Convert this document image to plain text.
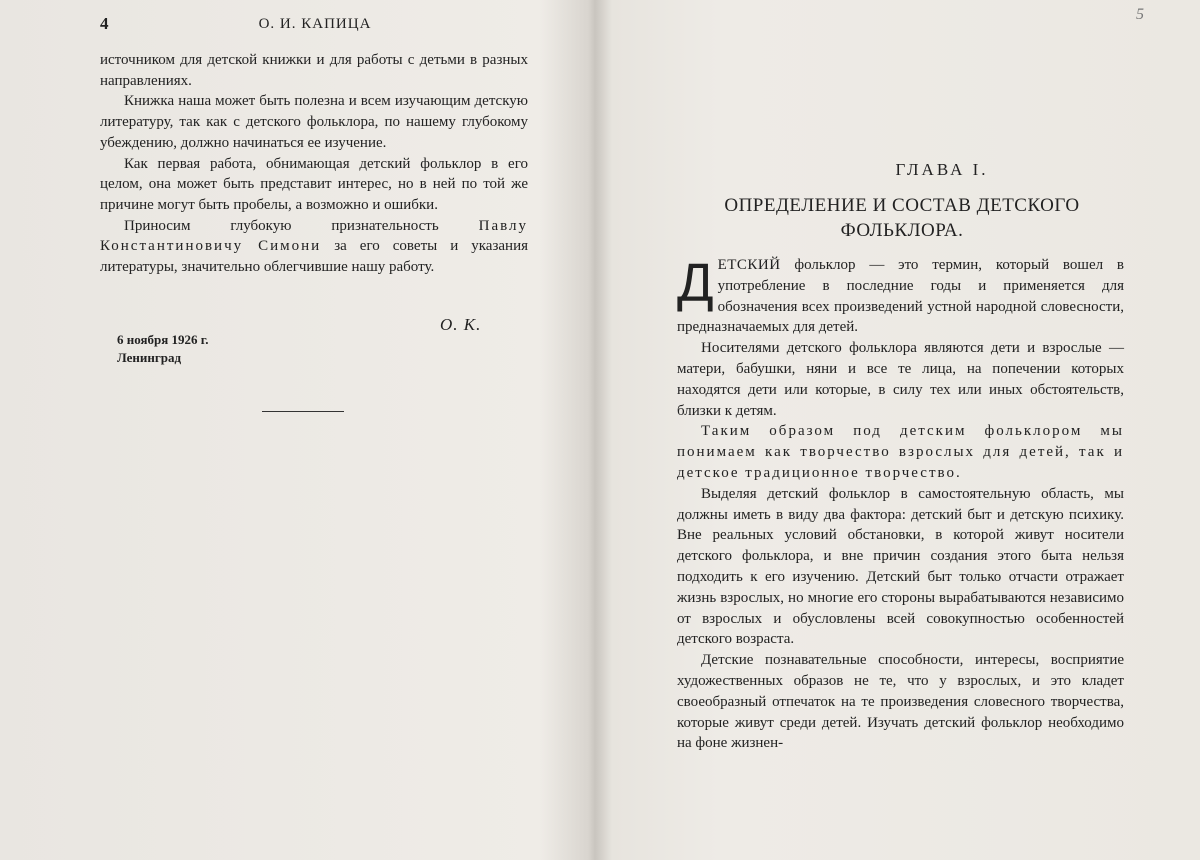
4	О. И. КАПИЦА

источником для детской книжки и для работы с детьми в разных направлениях.

Книжка наша может быть полезна и всем изучающим детскую литературу, так как с детского фольклора, по нашему глубокому убеждению, должно начинаться ее изучение.

Как первая работа, обнимающая детский фольклор в его целом, она может быть представит интерес, но в ней по той же причине могут быть пробелы, а возможно и ошибки.

Приносим глубокую признательность Павлу Константиновичу Симони за его советы и указания литературы, значительно облегчившие нашу работу.

О. К.
6 ноября 1926 г.
Ленинград
5
ГЛАВА I.
ОПРЕДЕЛЕНИЕ И СОСТАВ ДЕТСКОГО ФОЛЬКЛОРА.

ДЕТСКИЙ фольклор — это термин, который вошел в употребление в последние годы и применяется для обозначения всех произведений устной народной словесности, предназначаемых для детей.

Носителями детского фольклора являются дети и взрослые — матери, бабушки, няни и все те лица, на попечении которых находятся дети или которые, в силу тех или иных обстоятельств, близки к детям.

Таким образом под детским фольклором мы понимаем как творчество взрослых для детей, так и детское традиционное творчество.

Выделяя детский фольклор в самостоятельную область, мы должны иметь в виду два фактора: детский быт и детскую психику. Вне реальных условий обстановки, в которой живут носители детского фольклора, и вне причин создания этого быта нельзя подходить к его изучению. Детский быт только отчасти отражает жизнь взрослых, но многие его стороны вырабатываются независимо от взрослых и обусловлены всей совокупностью особенностей детского возраста.

Детские познавательные способности, интересы, восприятие художественных образов не те, что у взрослых, и это кладет своеобразный отпечаток на те произведения словесного творчества, которые живут среди детей. Изучать детский фольклор необходимо на фоне жизнен-
